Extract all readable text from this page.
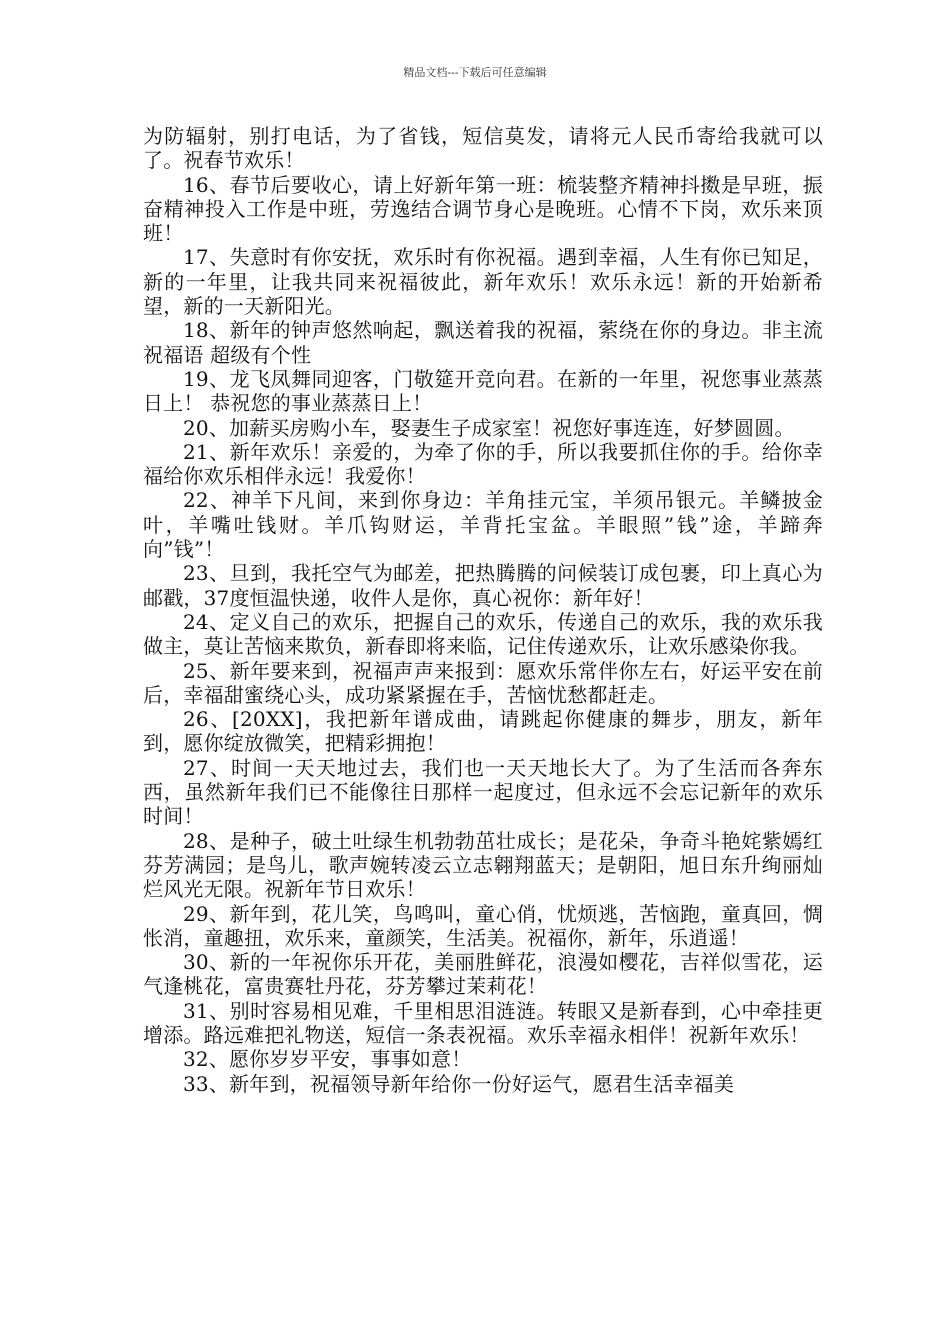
精品文档---下载后可任意编辑

为防辐射，别打电话，为了省钱，短信莫发，请将元人民币寄给我就可以了。祝春节欢乐！

16、春节后要收心，请上好新年第一班：梳装整齐精神抖擞是早班，振奋精神投入工作是中班，劳逸结合调节身心是晚班。心情不下岗，欢乐来顶班！

17、失意时有你安抚，欢乐时有你祝福。遇到幸福，人生有你已知足，新的一年里，让我共同来祝福彼此，新年欢乐！欢乐永远！新的开始新希望，新的一天新阳光。

18、新年的钟声悠然响起，飘送着我的祝福，萦绕在你的身边。非主流祝福语 超级有个性

19、龙飞凤舞同迎客，门敬筵开竞向君。在新的一年里，祝您事业蒸蒸日上！ 恭祝您的事业蒸蒸日上！

20、加薪买房购小车，娶妻生子成家室！祝您好事连连，好梦圆圆。

21、新年欢乐！亲爱的，为牵了你的手，所以我要抓住你的手。给你幸福给你欢乐相伴永远！我爱你！

22、神羊下凡间，来到你身边：羊角挂元宝，羊须吊银元。羊鳞披金叶，羊嘴吐钱财。羊爪钩财运，羊背托宝盆。羊眼照”钱”途，羊蹄奔向”钱”！

23、旦到，我托空气为邮差，把热腾腾的问候装订成包裹，印上真心为邮戳，37度恒温快递，收件人是你，真心祝你：新年好！

24、定义自己的欢乐，把握自己的欢乐，传递自己的欢乐，我的欢乐我做主，莫让苦恼来欺负，新春即将来临，记住传递欢乐，让欢乐感染你我。

25、新年要来到，祝福声声来报到：愿欢乐常伴你左右，好运平安在前后，幸福甜蜜绕心头，成功紧紧握在手，苦恼忧愁都赶走。

26、[20XX]，我把新年谱成曲，请跳起你健康的舞步，朋友，新年到，愿你绽放微笑，把精彩拥抱！

27、时间一天天地过去，我们也一天天地长大了。为了生活而各奔东西，虽然新年我们已不能像往日那样一起度过，但永远不会忘记新年的欢乐时间！

28、是种子，破土吐绿生机勃勃茁壮成长；是花朵，争奇斗艳姹紫嫣红芬芳满园；是鸟儿，歌声婉转凌云立志翱翔蓝天；是朝阳，旭日东升绚丽灿烂风光无限。祝新年节日欢乐！

29、新年到，花儿笑，鸟鸣叫，童心俏，忧烦逃，苦恼跑，童真回，惆怅消，童趣扭，欢乐来，童颜笑，生活美。祝福你，新年，乐逍遥！

30、新的一年祝你乐开花，美丽胜鲜花，浪漫如樱花，吉祥似雪花，运气逢桃花，富贵赛牡丹花，芬芳攀过茉莉花！

31、别时容易相见难，千里相思泪涟涟。转眼又是新春到，心中牵挂更增添。路远难把礼物送，短信一条表祝福。欢乐幸福永相伴！祝新年欢乐！

32、愿你岁岁平安，事事如意！

33、新年到，祝福领导新年给你一份好运气，愿君生活幸福美
